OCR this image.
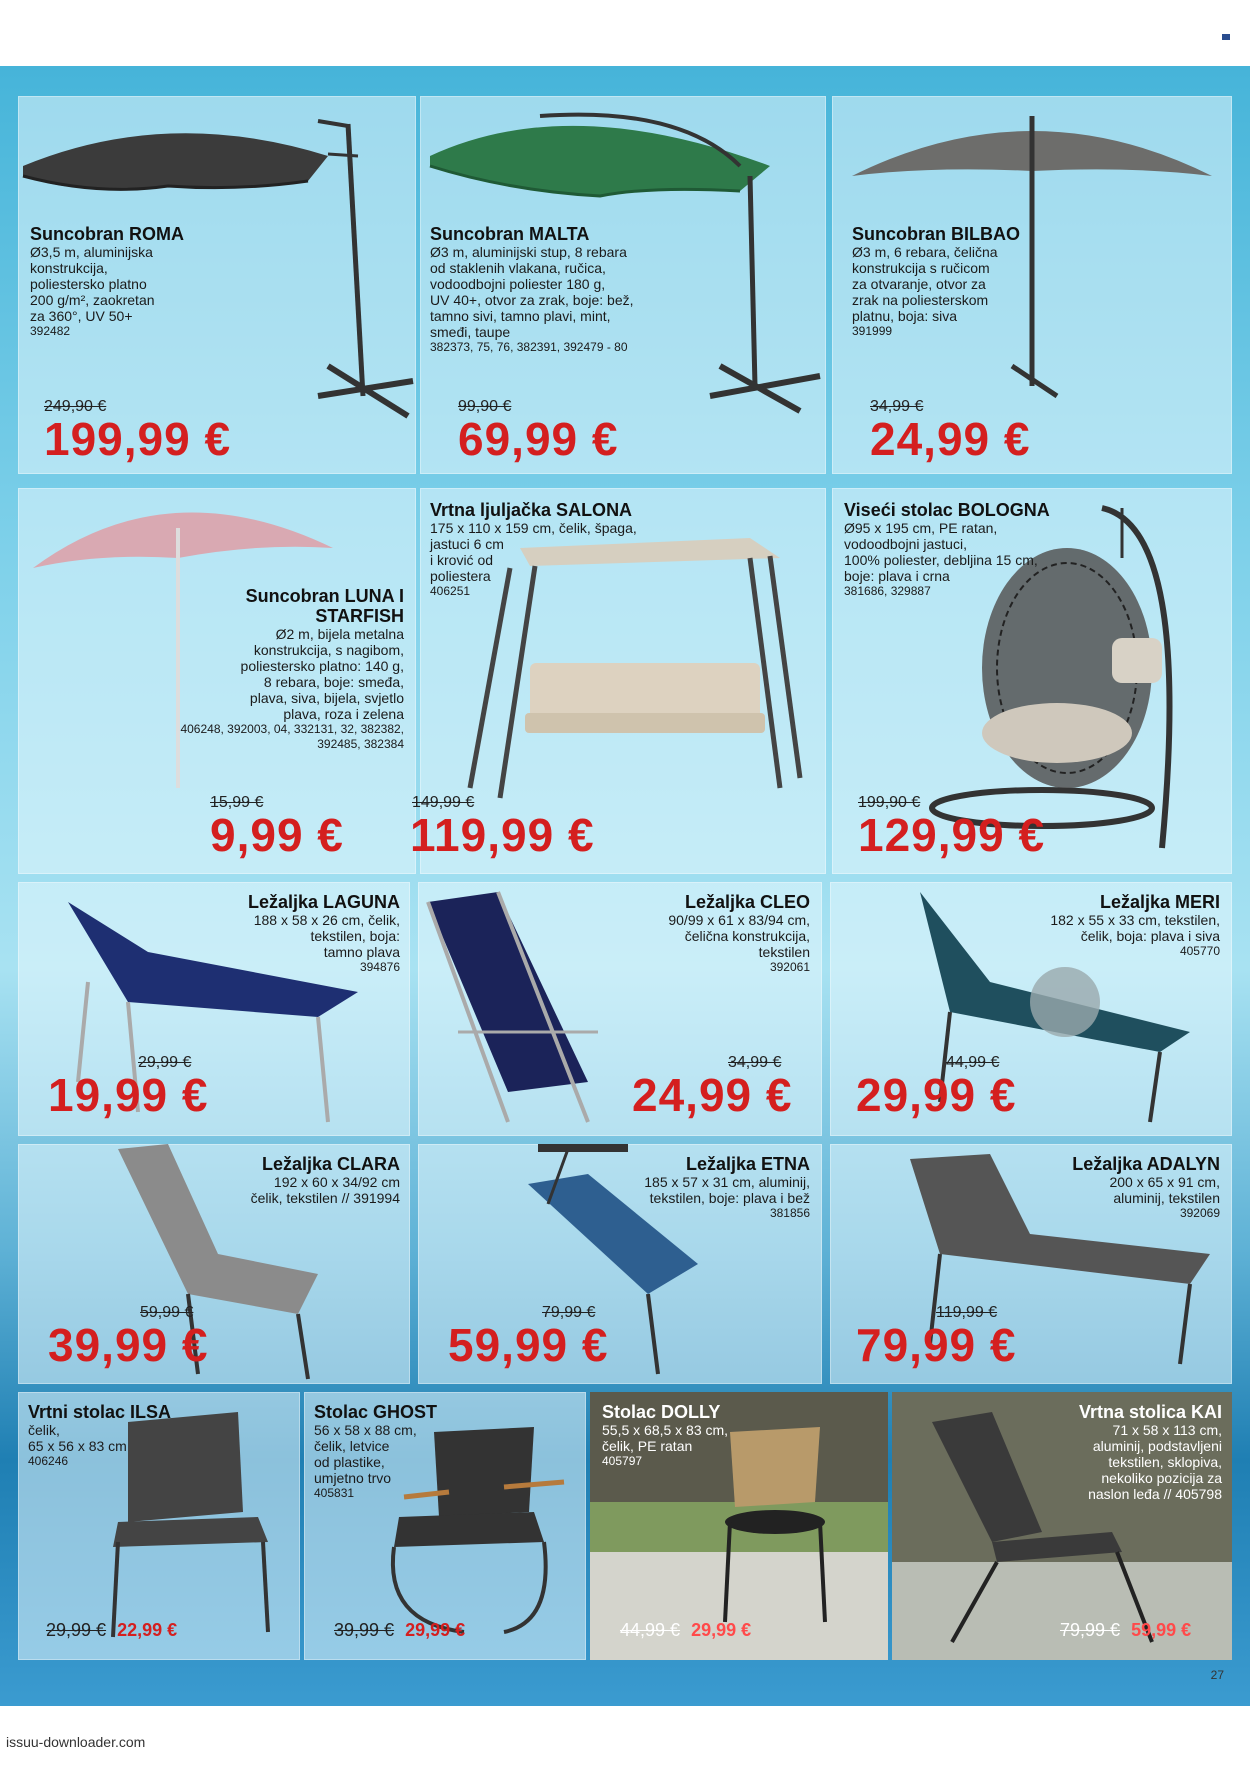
Suncobran ROMA
Ø3,5 m, aluminijska
konstrukcija,
poliestersko platno
200 g/m², zaokretan
za 360°, UV 50+
392482
249,90 €
199,99 €
Suncobran MALTA
Ø3 m, aluminijski stup, 8 rebara
od staklenih vlakana, ručica,
vodoodbojni poliester 180 g,
UV 40+, otvor za zrak, boje: bež,
tamno sivi, tamno plavi, mint,
smeđi, taupe
382373, 75, 76, 382391, 392479 - 80
99,90 €
69,99 €
Suncobran BILBAO
Ø3 m, 6 rebara, čelična
konstrukcija s ručicom
za otvaranje, otvor za
zrak na poliesterskom
platnu, boja: siva
391999
34,99 €
24,99 €
Suncobran LUNA I STARFISH
Ø2 m, bijela metalna
konstrukcija, s nagibom,
poliestersko platno: 140 g,
8 rebara, boje: smeđa,
plava, siva, bijela, svjetlo
plava, roza i zelena
406248, 392003, 04, 332131, 32, 382382, 392485, 382384
15,99 €
9,99 €
Vrtna ljuljačka SALONA
175 x 110 x 159 cm, čelik, špaga,
jastuci 6 cm
i krović od
poliestera
406251
149,99 €
119,99 €
Viseći stolac BOLOGNA
Ø95 x 195 cm, PE ratan,
vodoodbojni jastuci,
100% poliester, debljina 15 cm,
boje: plava i crna
381686, 329887
199,90 €
129,99 €
Ležaljka LAGUNA
188 x 58 x 26 cm, čelik,
tekstilen, boja:
tamno plava
394876
29,99 €
19,99 €
Ležaljka CLEO
90/99 x 61 x 83/94 cm,
čelična konstrukcija,
tekstilen
392061
34,99 €
24,99 €
Ležaljka MERI
182 x 55 x 33 cm, tekstilen,
čelik, boja: plava i siva
405770
44,99 €
29,99 €
Ležaljka CLARA
192 x 60 x 34/92 cm
čelik, tekstilen // 391994
59,99 €
39,99 €
Ležaljka ETNA
185 x 57 x 31 cm, aluminij,
tekstilen, boje: plava i bež
381856
79,99 €
59,99 €
Ležaljka ADALYN
200 x 65 x 91 cm,
aluminij, tekstilen
392069
119,99 €
79,99 €
Vrtni stolac ILSA
čelik,
65 x 56 x 83 cm
406246
29,99 € 22,99 €
Stolac GHOST
56 x 58 x 88 cm,
čelik, letvice
od plastike,
umjetno trvo
405831
39,99 € 29,99 €
Stolac DOLLY
55,5 x 68,5 x 83 cm,
čelik, PE ratan
405797
44,99 € 29,99 €
Vrtna stolica KAI
71 x 58 x 113 cm,
aluminij, podstavljeni
tekstilen, sklopiva,
nekoliko pozicija za
naslon leđa // 405798
79,99 € 59,99 €
27
issuu-downloader.com
